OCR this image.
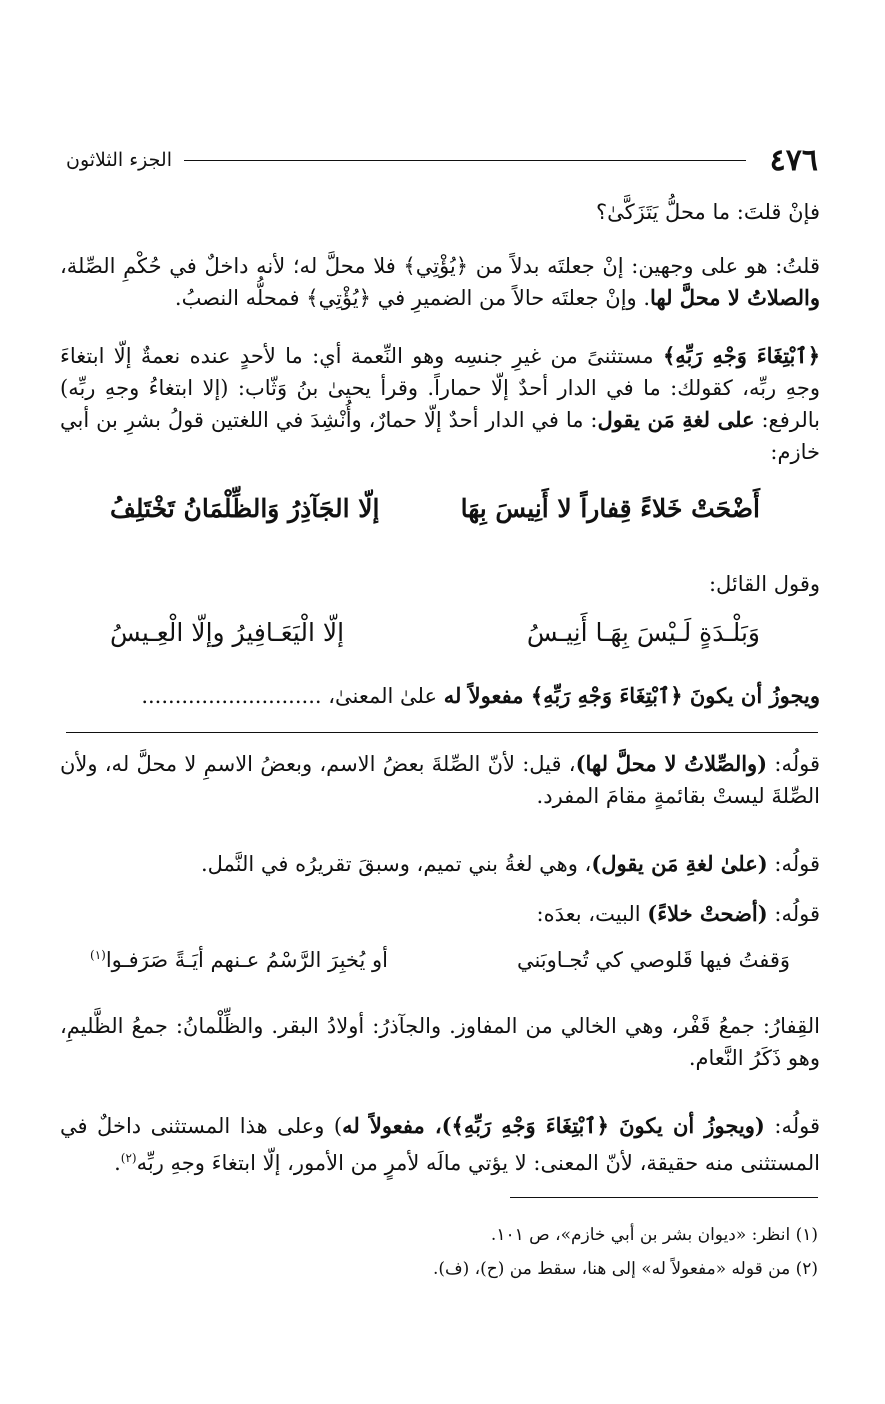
٤٧٦
الجزء الثلاثون
فإنْ قلتَ: ما محلُّ يَتَزَكَّىٰ؟
قلتُ: هو على وجهين: إنْ جعلتَه بدلاً من ﴿يُؤْتِي﴾ فلا محلَّ له؛ لأنه داخلٌ في حُكْمِ الصِّلة، والصلاتُ لا محلَّ لها. وإنْ جعلتَه حالاً من الضميرِ في ﴿يُؤْتِي﴾ فمحلُّه النصبُ.
﴿ٱبْتِغَاءَ وَجْهِ رَبِّهِ﴾ مستثنىً من غيرِ جنسِه وهو النِّعمة أي: ما لأحدٍ عنده نعمةٌ إلّا ابتغاءَ وجهِ ربِّه، كقولك: ما في الدار أحدٌ إلّا حماراً. وقرأ يحيىٰ بنُ وَثّاب: (إلا ابتغاءُ وجهِ ربِّه) بالرفع: على لغةِ مَن يقول: ما في الدار أحدٌ إلّا حمارٌ، وأُنْشِدَ في اللغتين قولُ بشرِ بن أبي خازم:
أَضْحَتْ خَلاءً قِفاراً لا أَنِيسَ بِهَا
إلّا الجَآذِرُ وَالظِّلْمَانُ تَخْتَلِفُ
وقول القائل:
وَبَلْـدَةٍ لَـيْسَ بِهَـا أَنِيـسُ
إلّا الْيَعَـافِيرُ وإلّا الْعِـيسُ
ويجوزُ أن يكونَ ﴿ٱبْتِغَاءَ وَجْهِ رَبِّهِ﴾ مفعولاً له علىٰ المعنىٰ، ...........................
قولُه: (والصِّلاتُ لا محلَّ لها)، قيل: لأنّ الصِّلةَ بعضُ الاسم، وبعضُ الاسمِ لا محلَّ له، ولأن الصِّلةَ ليستْ بقائمةٍ مقامَ المفرد.
قولُه: (علىٰ لغةِ مَن يقول)، وهي لغةُ بني تميم، وسبقَ تقريرُه في النَّمل.
قولُه: (أضحتْ خلاءً) البيت، بعدَه:
وَقفتُ فيها قَلوصي كي تُجـاوبَني
أو يُخبِرَ الرَّسْمُ عـنهم أيَـةً صَرَفـوا$^{(١)}$
القِفارُ: جمعُ قَفْر، وهي الخالي من المفاوز. والجآذرُ: أولادُ البقر. والظِّلْمانُ: جمعُ الظَّليمِ، وهو ذَكَرُ النَّعام.
قولُه: (ويجوزُ أن يكونَ ﴿ٱبْتِغَاءَ وَجْهِ رَبِّهِ﴾)، مفعولاً له) وعلى هذا المستثنى داخلٌ في المستثنى منه حقيقة، لأنّ المعنى: لا يؤتي مالَه لأمرٍ من الأمور، إلّا ابتغاءَ وجهِ ربِّه$^{(٢)}$.
(١) انظر: «ديوان بشر بن أبي خازم»، ص ١٠١.
(٢) من قوله «مفعولاً له» إلى هنا، سقط من (ح)، (ف).
